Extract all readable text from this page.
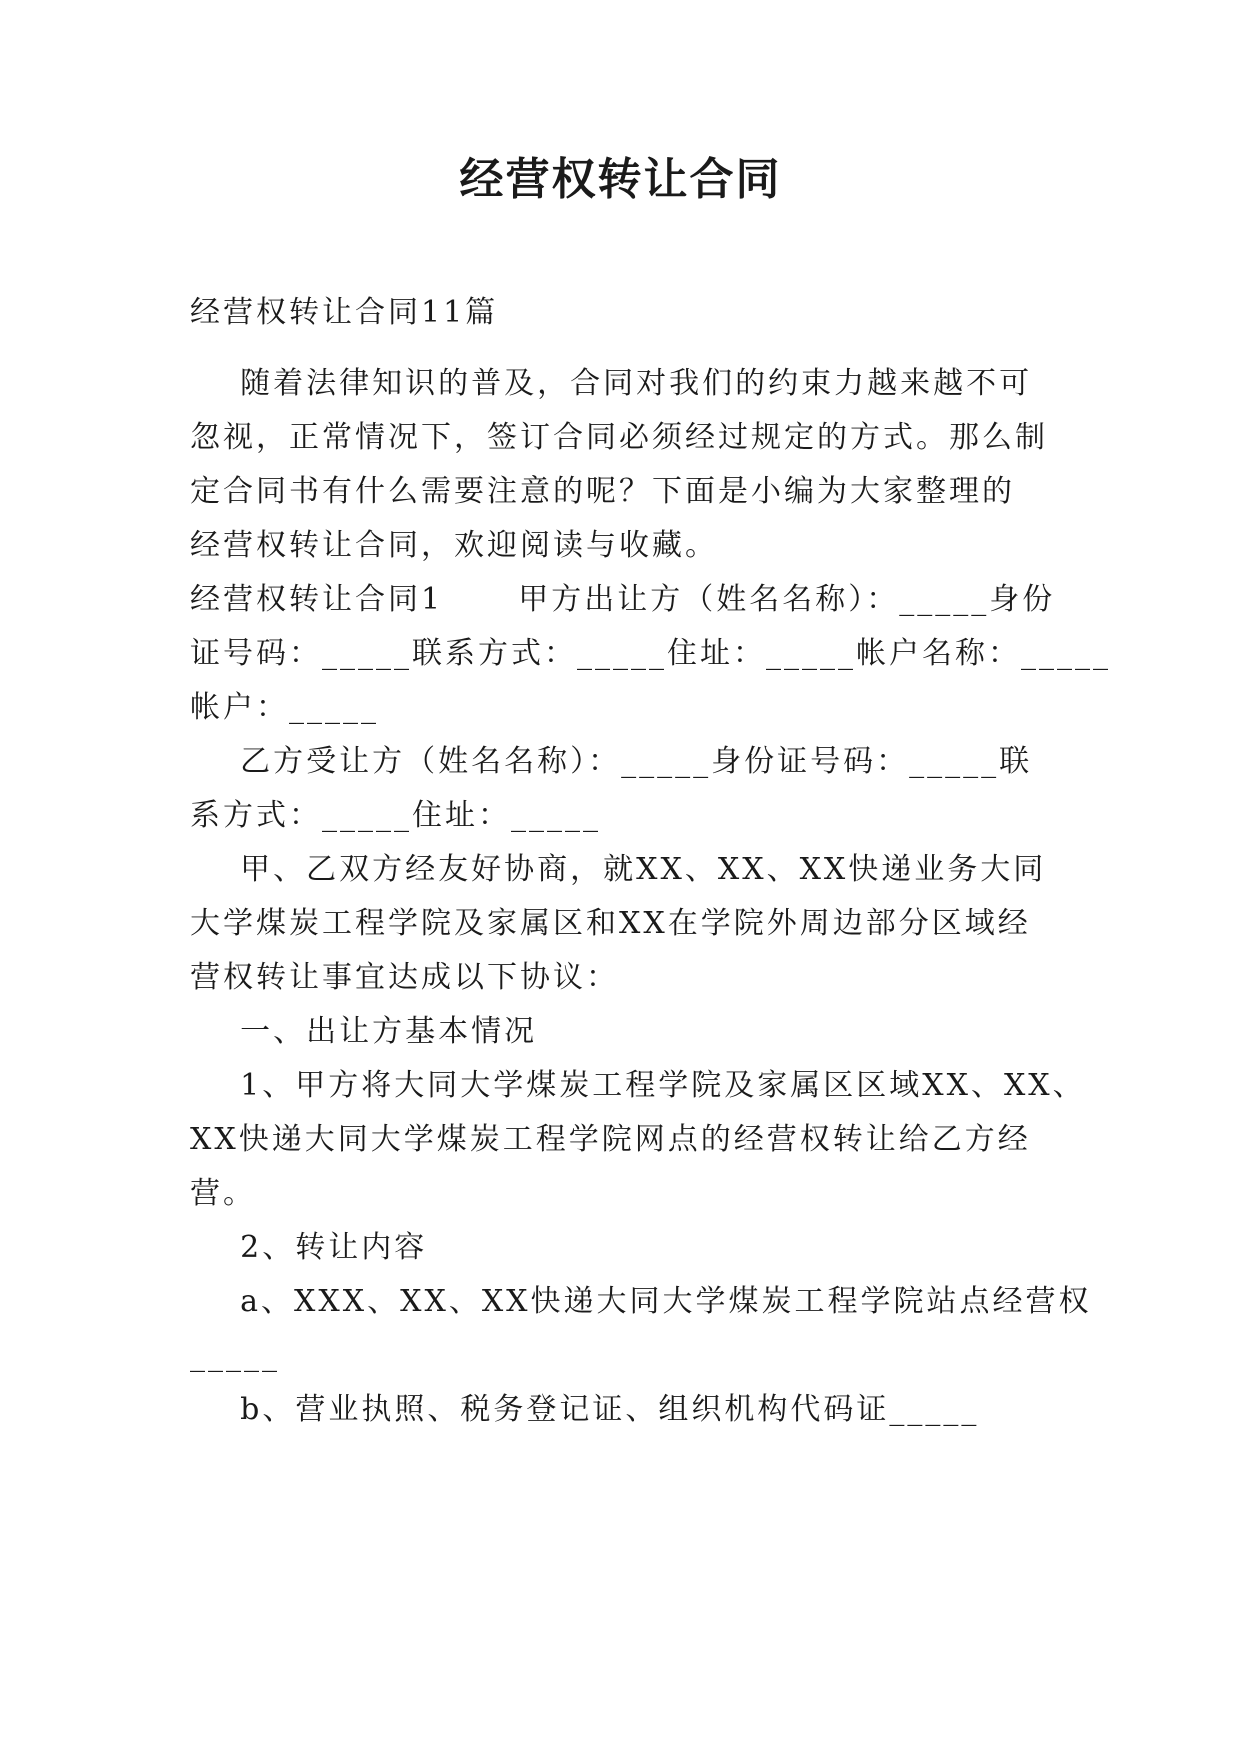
经营权转让合同
经营权转让合同11篇
随着法律知识的普及，合同对我们的约束力越来越不可
忽视，正常情况下，签订合同必须经过规定的方式。那么制
定合同书有什么需要注意的呢？下面是小编为大家整理的
经营权转让合同，欢迎阅读与收藏。
经营权转让合同1      甲方出让方（姓名名称）：_____身份
证号码：_____联系方式：_____住址：_____帐户名称：_____
帐户：_____
乙方受让方（姓名名称）：_____身份证号码：_____联
系方式：_____住址：_____
甲、乙双方经友好协商，就XX、XX、XX快递业务大同
大学煤炭工程学院及家属区和XX在学院外周边部分区域经
营权转让事宜达成以下协议：
一、出让方基本情况
1、甲方将大同大学煤炭工程学院及家属区区域XX、XX、
XX快递大同大学煤炭工程学院网点的经营权转让给乙方经
营。
2、转让内容
a、XXX、XX、XX快递大同大学煤炭工程学院站点经营权
_____
b、营业执照、税务登记证、组织机构代码证_____
